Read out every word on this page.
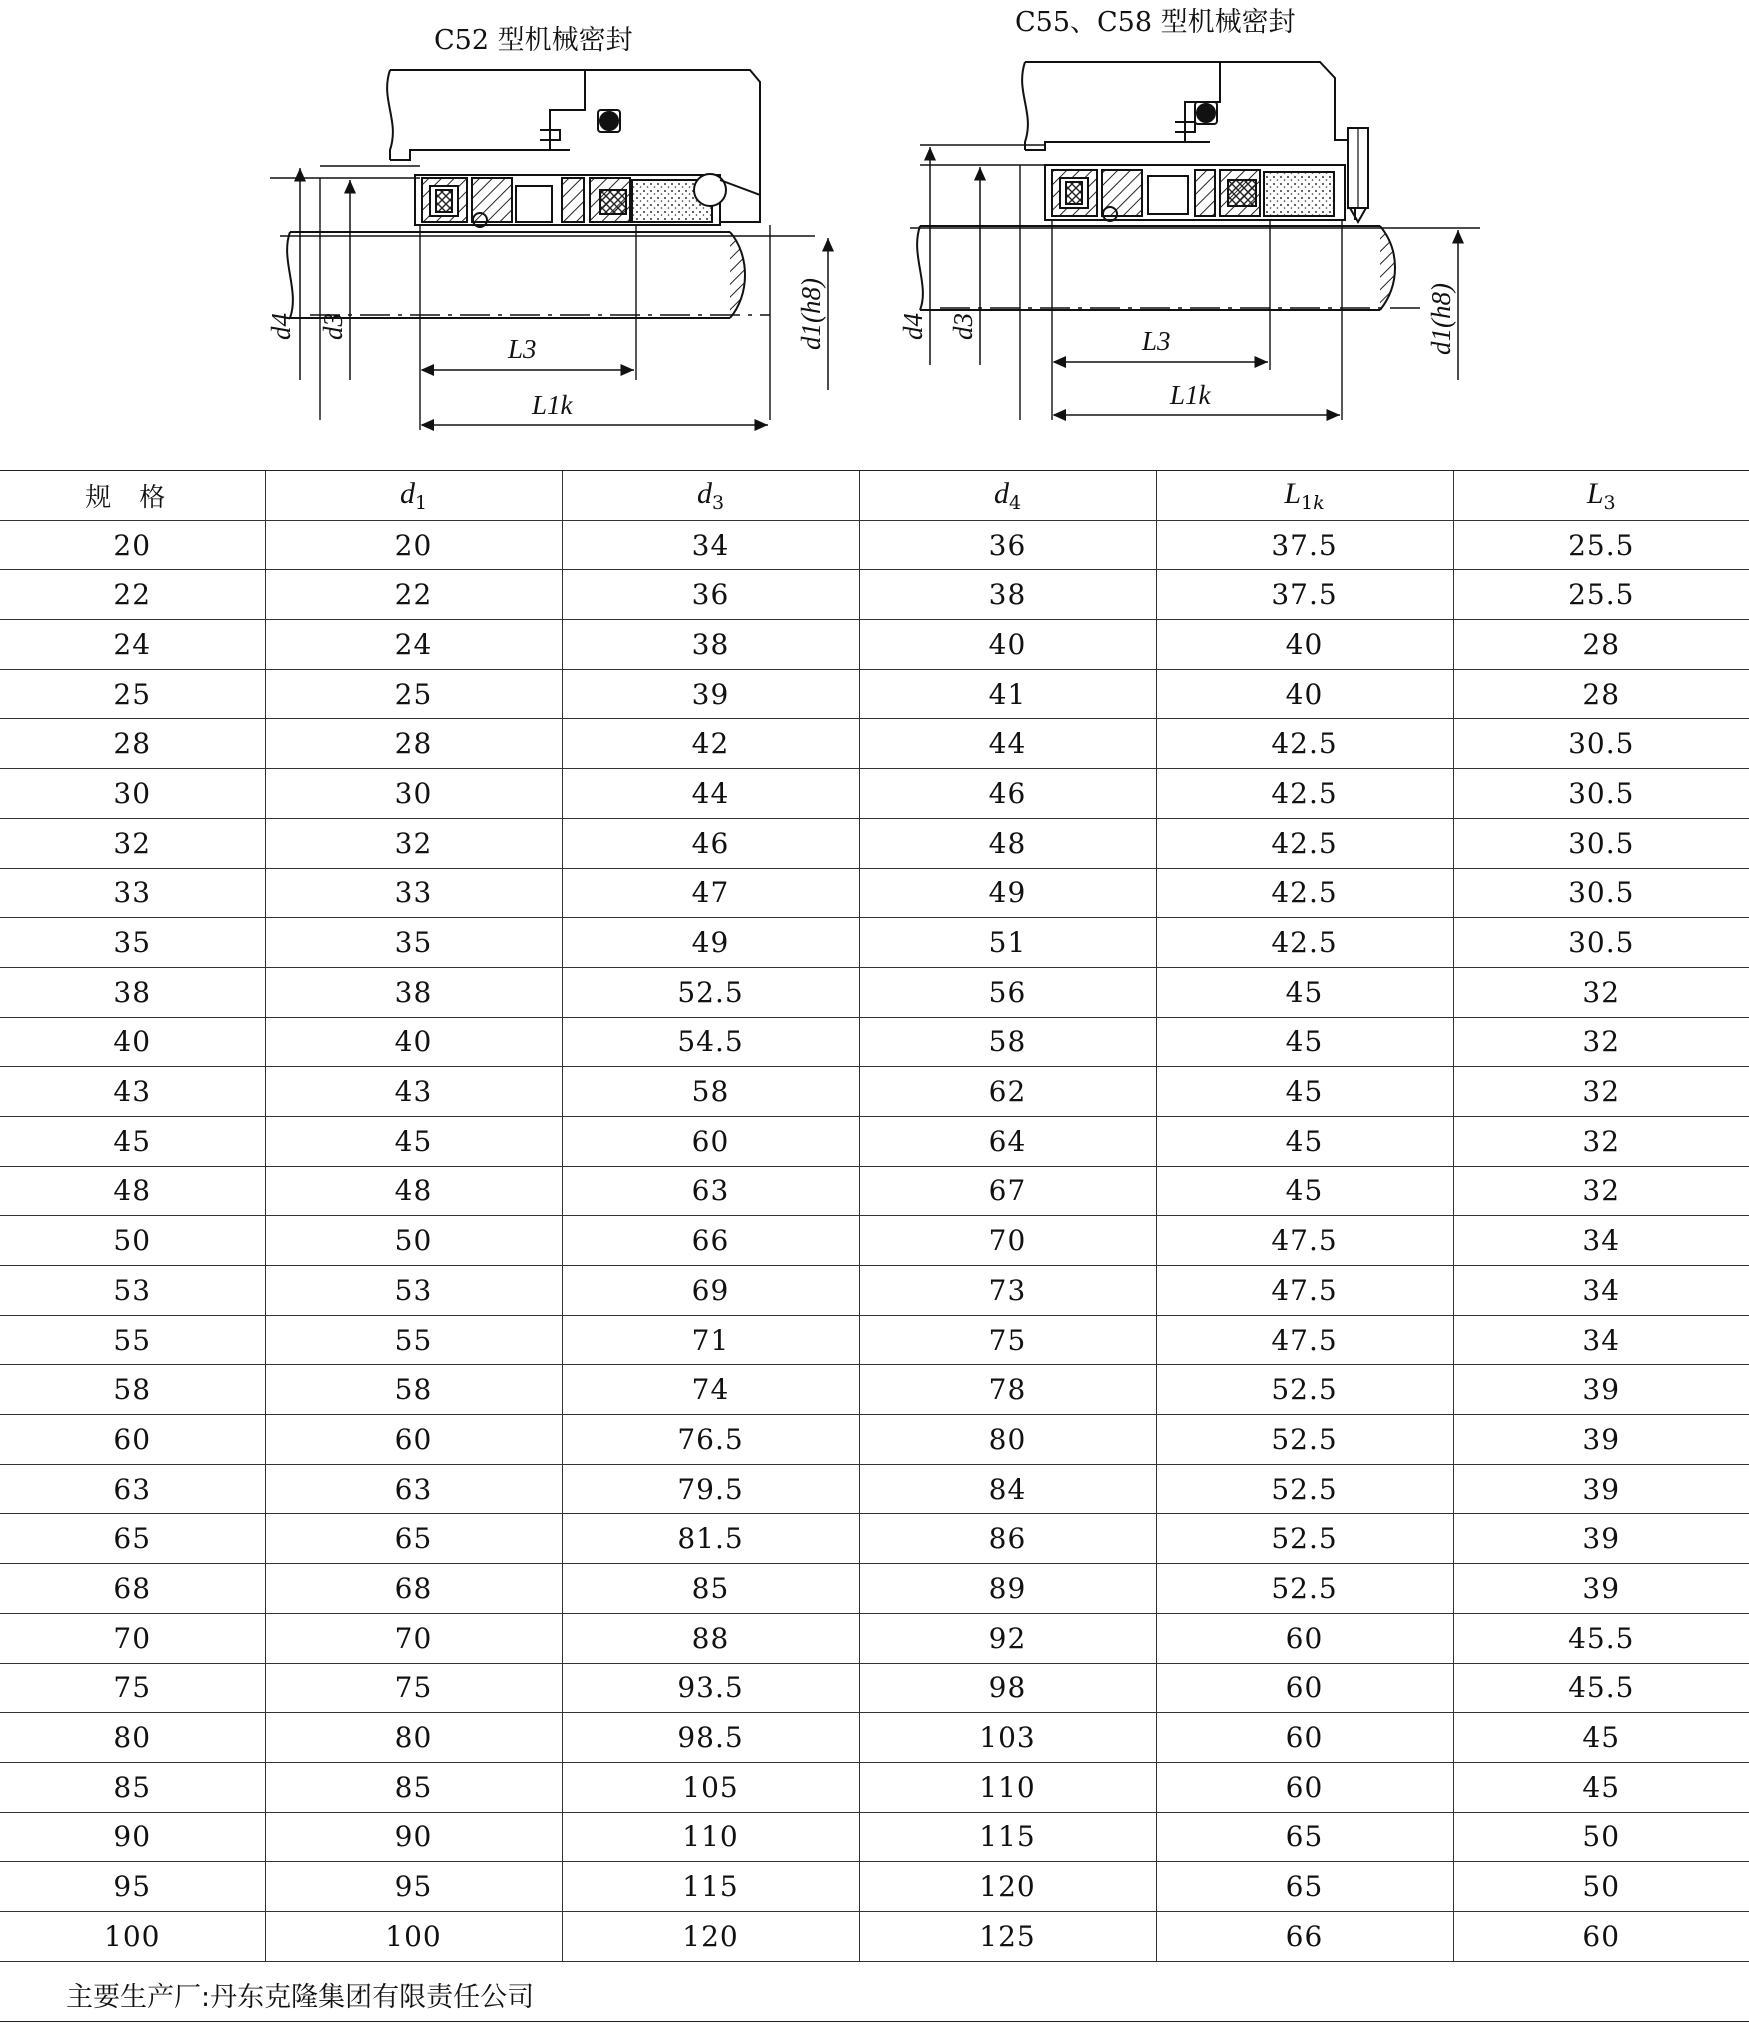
C52 型机械密封
d4 d3	d1(h8)
L3
L1k
C55、C58 型机械密封
d4 d3	d1(h8)
L3
L1k
规格	$d_1$	$d_3$	$d_4$	$L_{1k}$	$L_3$
20	20	34	36	37.5	25.5
22	22	36	38	37.5	25.5
24	24	38	40	40	28
25	25	39	41	40	28
28	28	42	44	42.5	30.5
30	30	44	46	42.5	30.5
32	32	46	48	42.5	30.5
33	33	47	49	42.5	30.5
35	35	49	51	42.5	30.5
38	38	52.5	56	45	32
40	40	54.5	58	45	32
43	43	58	62	45	32
45	45	60	64	45	32
48	48	63	67	45	32
50	50	66	70	47.5	34
53	53	69	73	47.5	34
55	55	71	75	47.5	34
58	58	74	78	52.5	39
60	60	76.5	80	52.5	39
63	63	79.5	84	52.5	39
65	65	81.5	86	52.5	39
68	68	85	89	52.5	39
70	70	88	92	60	45.5
75	75	93.5	98	60	45.5
80	80	98.5	103	60	45
85	85	105	110	60	45
90	90	110	115	65	50
95	95	115	120	65	50
100	100	120	125	66	60
主要生产厂:丹东克隆集团有限责任公司
